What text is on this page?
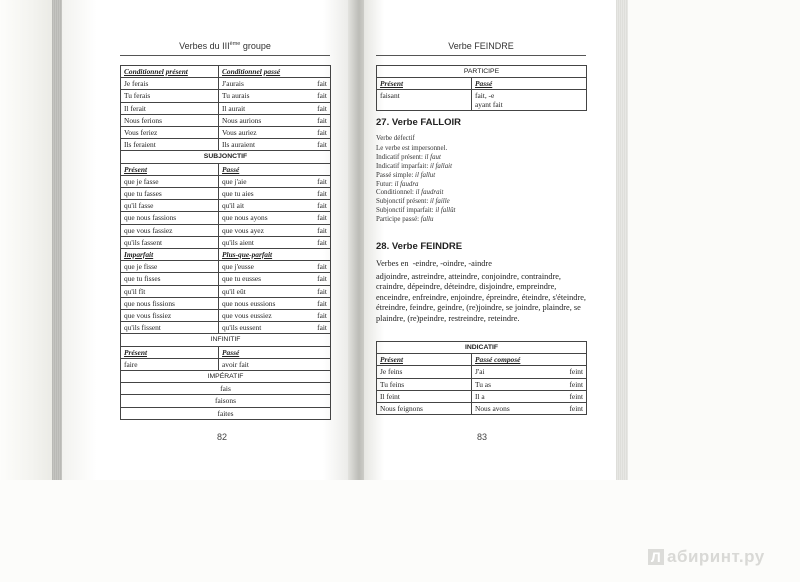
Verbes du IIIème groupe
Conditionnel présent	Conditionnel passé
Je ferais	J'aurais fait

Tu ferais	Tu aurais fait

Il ferait	Il aurait fait

Nous ferions	Nous aurions fait

Vous feriez	Vous auriez fait

Ils feraient	Ils auraient fait

SUBJONCTIF	
Présent	Passé
que je fasse	que j'aie fait

que tu fasses	que tu aies fait

qu'il fasse	qu'il ait fait

que nous fassions	que nous ayons fait

que vous fassiez	que vous ayez fait

qu'ils fassent	qu'ils aient fait

Imparfait	Plus-que-parfait
que je fisse	que j'eusse fait

que tu fisses	que tu eusses fait

qu'il fît	qu'il eût fait

que nous fissions	que nous eussions fait

que vous fissiez	que vous eussiez fait

qu'ils fissent	qu'ils eussent fait

INFINITIF	
Présent	Passé
faire	avoir fait
IMPÉRATIF	
fais	
faisons	
faites	
82
Verbe FEINDRE
PARTICIPE	
Présent	Passé
faisant	fait, -e
ayant fait
27. Verbe FALLOIR
Verbe défectif
Le verbe est impersonnel.
Indicatif présent: il faut
Indicatif imparfait: il fallait
Passé simple: il fallut
Futur: il faudra
Conditionnel: il faudrait
Subjonctif présent: il faille
Subjonctif imparfait: il fallût
Participe passé: fallu
28. Verbe FEINDRE
Verbes en  -eindre, -oindre, -aindre
adjoindre, astreindre, atteindre, conjoindre, contraindre, craindre, dépeindre, déteindre, disjoindre, empreindre, enceindre, enfreindre, enjoindre, épreindre, éteindre, s'éteindre, étreindre, feindre, geindre, (re)joindre, se joindre, plaindre, se plaindre, (re)peindre, restreindre, reteindre.
INDICATIF	
Présent	Passé composé
Je feins	J'ai feint

Tu feins	Tu as feint

Il feint	Il a feint

Nous feignons	Nous avons feint
83
Л абиринт.ру
